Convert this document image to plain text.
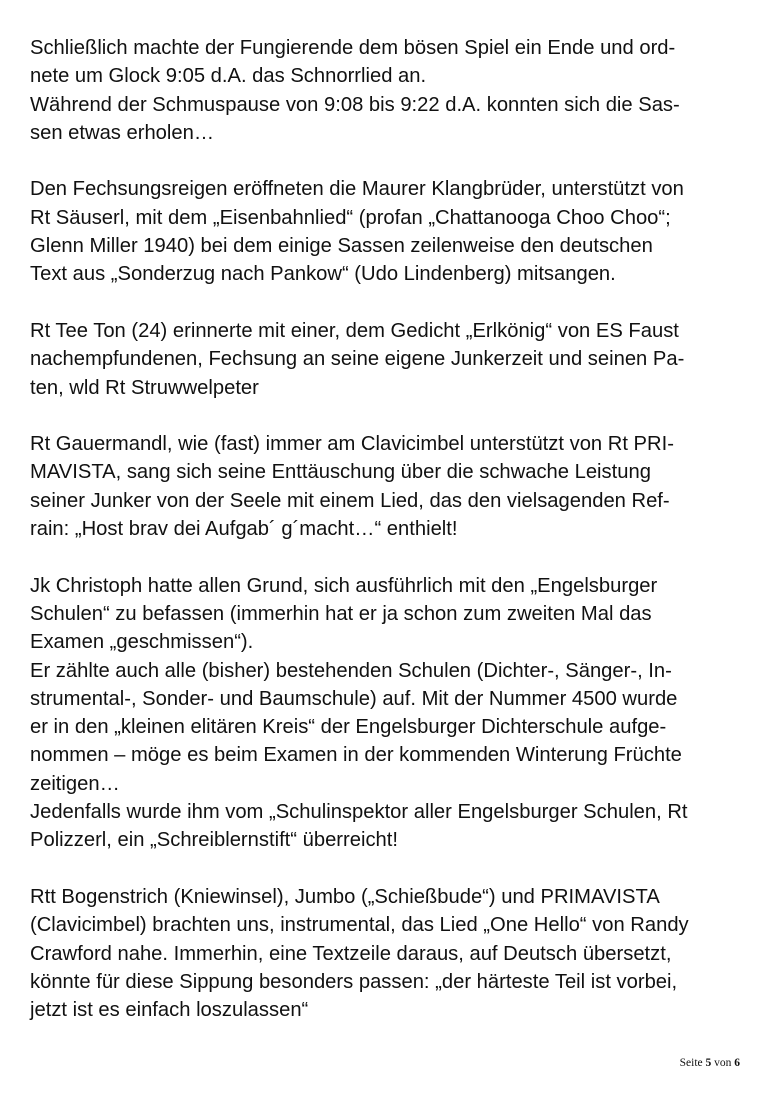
Schließlich machte der Fungierende dem bösen Spiel ein Ende und ord-
nete um Glock 9:05 d.A. das Schnorrlied an.
Während der Schmuspause von 9:08 bis 9:22 d.A. konnten sich die Sas-
sen etwas erholen…

Den Fechsungsreigen eröffneten die Maurer Klangbrüder, unterstützt von
Rt Säuserl, mit dem „Eisenbahnlied“ (profan „Chattanooga Choo Choo“;
Glenn Miller 1940) bei dem einige Sassen zeilenweise den deutschen
Text aus „Sonderzug nach Pankow“ (Udo Lindenberg) mitsangen.

Rt Tee Ton (24) erinnerte mit einer, dem Gedicht „Erlkönig“ von ES Faust
nachempfundenen, Fechsung an seine eigene Junkerzeit und seinen Pa-
ten, wld Rt Struwwelpeter

Rt Gauermandl, wie (fast) immer am Clavicimbel unterstützt von Rt PRI-
MAVISTA, sang sich seine Enttäuschung über die schwache Leistung
seiner Junker von der Seele mit einem Lied, das den vielsagenden Ref-
rain: „Host brav dei Aufgab´ g´macht…“ enthielt!

Jk Christoph hatte allen Grund, sich ausführlich mit den „Engelsburger
Schulen“ zu befassen (immerhin hat er ja schon zum zweiten Mal das
Examen „geschmissen“).
Er zählte auch alle (bisher) bestehenden Schulen (Dichter-, Sänger-, In-
strumental-, Sonder- und Baumschule) auf. Mit der Nummer 4500 wurde
er in den „kleinen elitären Kreis“ der Engelsburger Dichterschule aufge-
nommen – möge es beim Examen in der kommenden Winterung Früchte
zeitigen…
Jedenfalls wurde ihm vom „Schulinspektor aller Engelsburger Schulen, Rt
Polizzerl, ein „Schreiblernstift“ überreicht!

Rtt Bogenstrich (Kniewinsel), Jumbo („Schießbude“) und PRIMAVISTA
(Clavicimbel) brachten uns, instrumental, das Lied „One Hello“ von Randy
Crawford nahe. Immerhin, eine Textzeile daraus, auf Deutsch übersetzt,
könnte für diese Sippung besonders passen: „der härteste Teil ist vorbei,
jetzt ist es einfach loszulassen“

Seite 5 von 6
